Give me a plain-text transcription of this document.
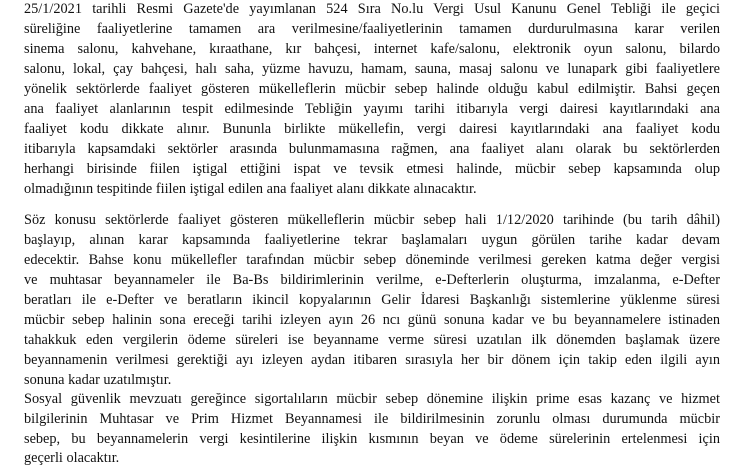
25/1/2021 tarihli Resmi Gazete'de yayımlanan 524 Sıra No.lu Vergi Usul Kanunu Genel Tebliği ile geçici
süreliğine faaliyetlerine tamamen ara verilmesine/faaliyetlerinin tamamen durdurulmasına karar verilen
sinema salonu, kahvehane, kıraathane, kır bahçesi, internet kafe/salonu, elektronik oyun salonu, bilardo
salonu, lokal, çay bahçesi, halı saha, yüzme havuzu, hamam, sauna, masaj salonu ve lunapark gibi faaliyetlere
yönelik sektörlerde faaliyet gösteren mükelleflerin mücbir sebep halinde olduğu kabul edilmiştir. Bahsi geçen
ana faaliyet alanlarının tespit edilmesinde Tebliğin yayımı tarihi itibarıyla vergi dairesi kayıtlarındaki ana
faaliyet kodu dikkate alınır. Bununla birlikte mükellefin, vergi dairesi kayıtlarındaki ana faaliyet kodu
itibarıyla kapsamdaki sektörler arasında bulunmamasına rağmen, ana faaliyet alanı olarak bu sektörlerden
herhangi birisinde fiilen iştigal ettiğini ispat ve tevsik etmesi halinde, mücbir sebep kapsamında olup
olmadığının tespitinde fiilen iştigal edilen ana faaliyet alanı dikkate alınacaktır.
Söz konusu sektörlerde faaliyet gösteren mükelleflerin mücbir sebep hali 1/12/2020 tarihinde (bu tarih dâhil)
başlayıp, alınan karar kapsamında faaliyetlerine tekrar başlamaları uygun görülen tarihe kadar devam
edecektir. Bahse konu mükellefler tarafından mücbir sebep döneminde verilmesi gereken katma değer vergisi
ve muhtasar beyannameler ile Ba-Bs bildirimlerinin verilme, e-Defterlerin oluşturma, imzalanma, e-Defter
beratları ile e-Defter ve beratların ikincil kopyalarının Gelir İdaresi Başkanlığı sistemlerine yüklenme süresi
mücbir sebep halinin sona ereceği tarihi izleyen ayın 26 ncı günü sonuna kadar ve bu beyannamelere istinaden
tahakkuk eden vergilerin ödeme süreleri ise beyanname verme süresi uzatılan ilk dönemden başlamak üzere
beyannamenin verilmesi gerektiği ayı izleyen aydan itibaren sırasıyla her bir dönem için takip eden ilgili ayın
sonuna kadar uzatılmıştır.
Sosyal güvenlik mevzuatı gereğince sigortalıların mücbir sebep dönemine ilişkin prime esas kazanç ve hizmet
bilgilerinin Muhtasar ve Prim Hizmet Beyannamesi ile bildirilmesinin zorunlu olması durumunda mücbir
sebep, bu beyannamelerin vergi kesintilerine ilişkin kısmının beyan ve ödeme sürelerinin ertelenmesi için
geçerli olacaktır.
